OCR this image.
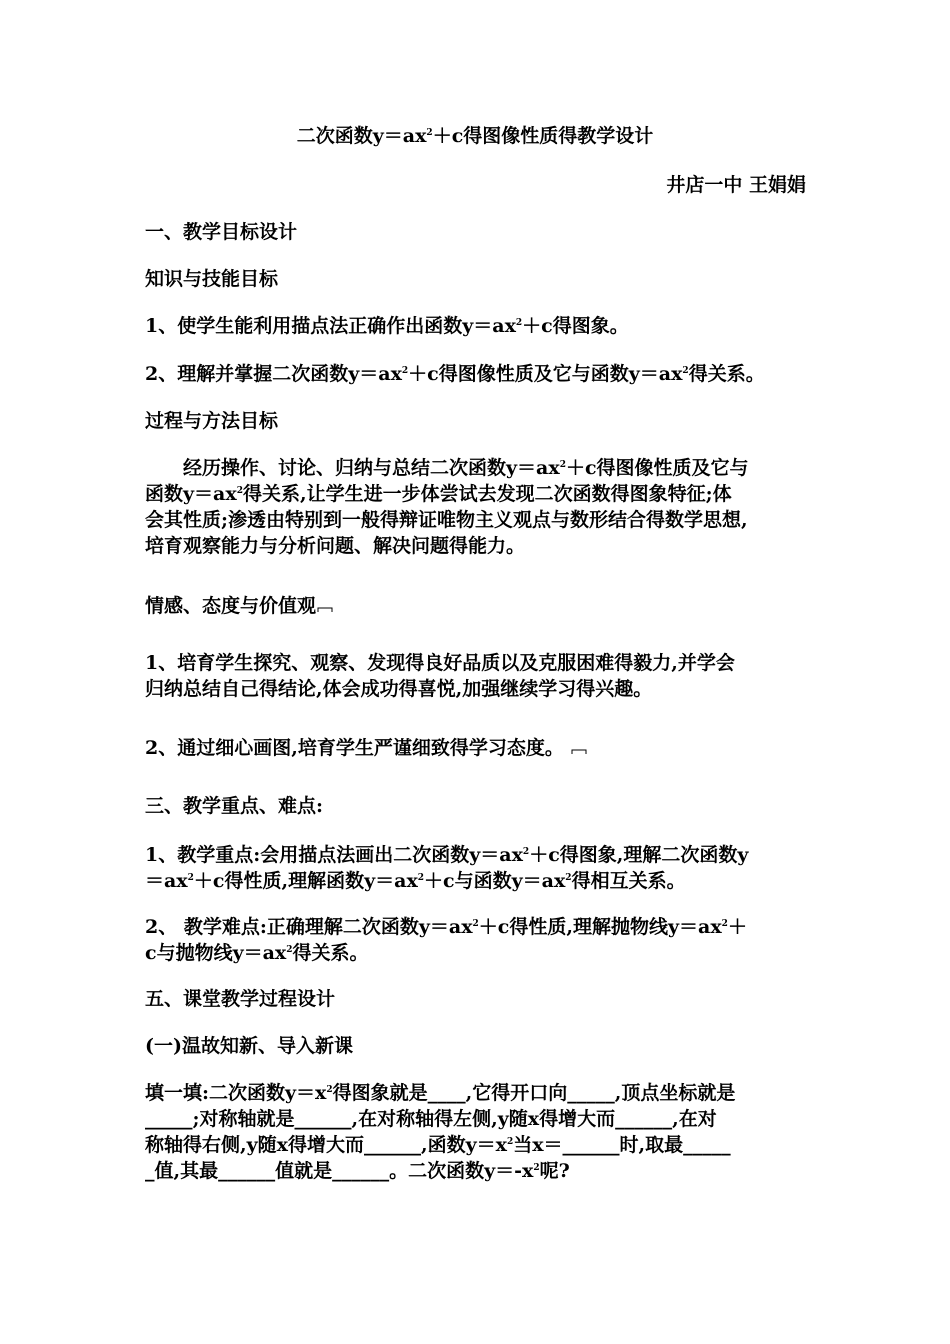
二次函数$y=ax^2+c$得图像性质得教学设计
井店一中 王娟娟
一、教学目标设计
知识与技能目标
1、使学生能利用描点法正确作出函数$y=ax^2+c$得图象。
2、理解并掌握二次函数$y=ax^2+c$得图像性质及它与函数$y=ax^2$得关系。
过程与方法目标
经历操作、讨论、归纳与总结二次函数$y=ax^2+c$得图像性质及它与
函数$y=ax^2$得关系,让学生进一步体尝试去发现二次函数得图象特征;体
会其性质;渗透由特别到一般得辩证唯物主义观点与数形结合得数学思想,
培育观察能力与分析问题、解决问题得能力。
情感、态度与价值观
1、培育学生探究、观察、发现得良好品质以及克服困难得毅力,并学会
归纳总结自己得结论,体会成功得喜悦,加强继续学习得兴趣。
2、通过细心画图,培育学生严谨细致得学习态度。
三、教学重点、难点:
1、教学重点:会用描点法画出二次函数$y=ax^2+c$得图象,理解二次函数y
$=ax^2+c$得性质,理解函数$y=ax^2+c$与函数$y=ax^2$得相互关系。
2、 教学难点:正确理解二次函数$y=ax^2+c$得性质,理解抛物线$y=ax^2+$
c与抛物线$y=ax^2$得关系。
五、课堂教学过程设计
(一)温故知新、导入新课
填一填:二次函数$y=x^2$得图象就是____,它得开口向_____,顶点坐标就是
_____;对称轴就是______,在对称轴得左侧,y随x得增大而______,在对
称轴得右侧,y随x得增大而______,函数$y=x^2$当x＝______时,取最_____
_值,其最______值就是______。二次函数$y=-x^2$呢?
